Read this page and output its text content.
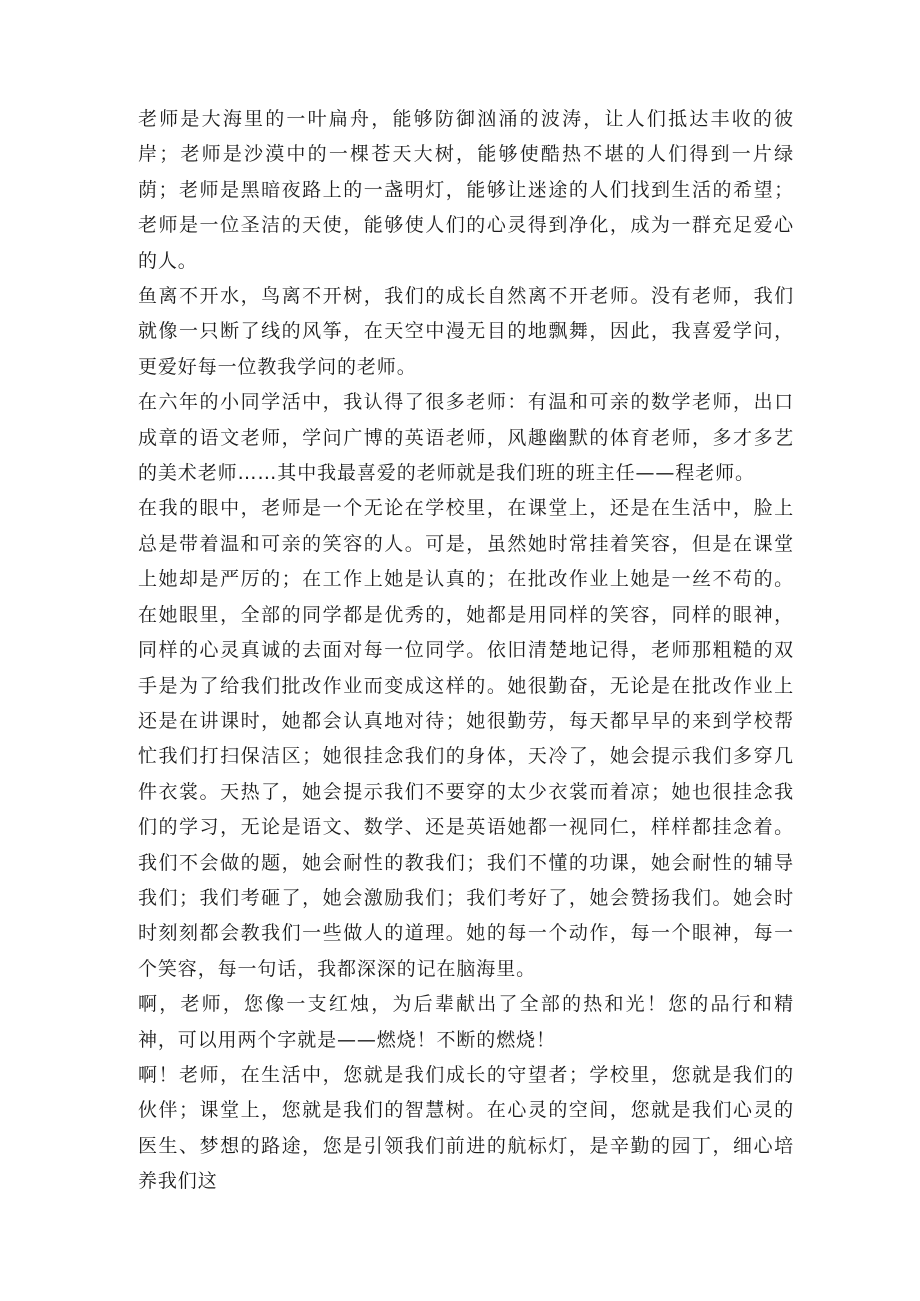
老师是大海里的一叶扁舟，能够防御汹涌的波涛，让人们抵达丰收的彼岸；老师是沙漠中的一棵苍天大树，能够使酷热不堪的人们得到一片绿荫；老师是黑暗夜路上的一盏明灯，能够让迷途的人们找到生活的希望；老师是一位圣洁的天使，能够使人们的心灵得到净化，成为一群充足爱心的人。

鱼离不开水，鸟离不开树，我们的成长自然离不开老师。没有老师，我们就像一只断了线的风筝，在天空中漫无目的地飘舞，因此，我喜爱学问，更爱好每一位教我学问的老师。

在六年的小同学活中，我认得了很多老师：有温和可亲的数学老师，出口成章的语文老师，学问广博的英语老师，风趣幽默的体育老师，多才多艺的美术老师……其中我最喜爱的老师就是我们班的班主任——程老师。

在我的眼中，老师是一个无论在学校里，在课堂上，还是在生活中，脸上总是带着温和可亲的笑容的人。可是，虽然她时常挂着笑容，但是在课堂上她却是严厉的；在工作上她是认真的；在批改作业上她是一丝不苟的。在她眼里，全部的同学都是优秀的，她都是用同样的笑容，同样的眼神，同样的心灵真诚的去面对每一位同学。依旧清楚地记得，老师那粗糙的双手是为了给我们批改作业而变成这样的。她很勤奋，无论是在批改作业上还是在讲课时，她都会认真地对待；她很勤劳，每天都早早的来到学校帮忙我们打扫保洁区；她很挂念我们的身体，天冷了，她会提示我们多穿几件衣裳。天热了，她会提示我们不要穿的太少衣裳而着凉；她也很挂念我们的学习，无论是语文、数学、还是英语她都一视同仁，样样都挂念着。我们不会做的题，她会耐性的教我们；我们不懂的功课，她会耐性的辅导我们；我们考砸了，她会激励我们；我们考好了，她会赞扬我们。她会时时刻刻都会教我们一些做人的道理。她的每一个动作，每一个眼神，每一个笑容，每一句话，我都深深的记在脑海里。

啊，老师，您像一支红烛，为后辈献出了全部的热和光！您的品行和精神，可以用两个字就是——燃烧！不断的燃烧！

啊！老师，在生活中，您就是我们成长的守望者；学校里，您就是我们的伙伴；课堂上，您就是我们的智慧树。在心灵的空间，您就是我们心灵的医生、梦想的路途，您是引领我们前进的航标灯，是辛勤的园丁，细心培养我们这
